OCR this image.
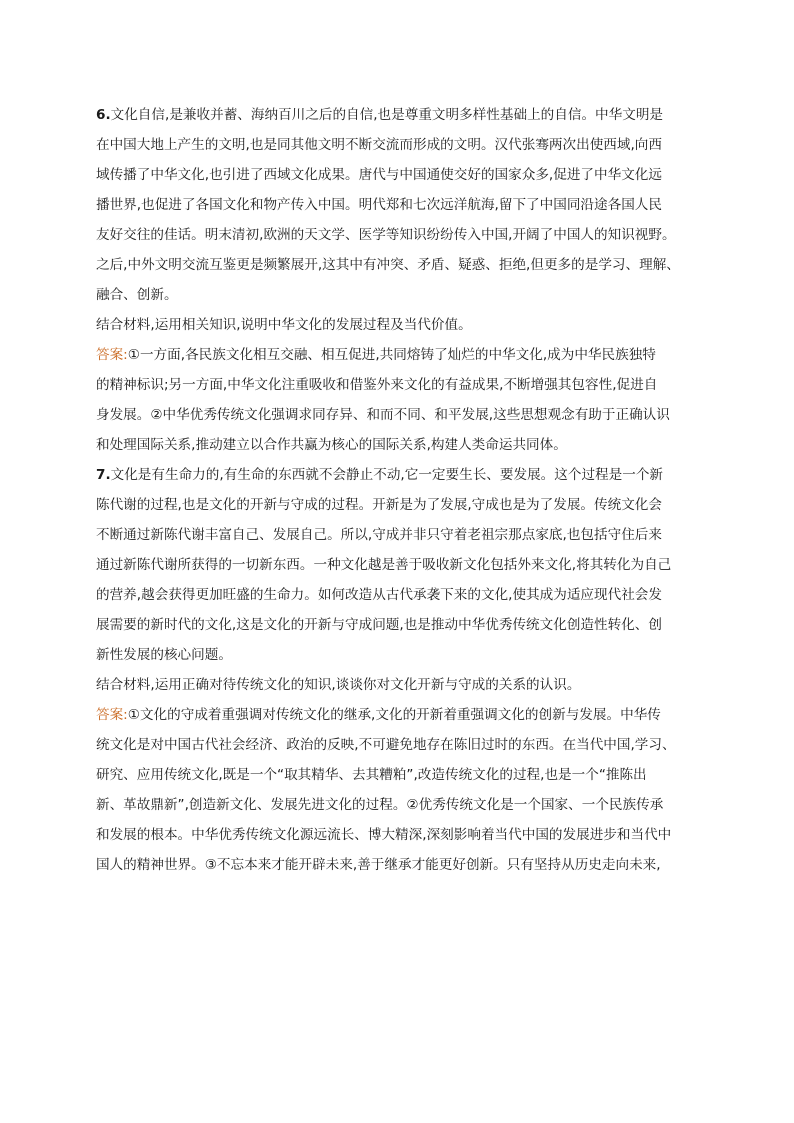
6.文化自信,是兼收并蓄、海纳百川之后的自信,也是尊重文明多样性基础上的自信。中华文明是
在中国大地上产生的文明,也是同其他文明不断交流而形成的文明。汉代张骞两次出使西域,向西
域传播了中华文化,也引进了西域文化成果。唐代与中国通使交好的国家众多,促进了中华文化远
播世界,也促进了各国文化和物产传入中国。明代郑和七次远洋航海,留下了中国同沿途各国人民
友好交往的佳话。明末清初,欧洲的天文学、医学等知识纷纷传入中国,开阔了中国人的知识视野。
之后,中外文明交流互鉴更是频繁展开,这其中有冲突、矛盾、疑惑、拒绝,但更多的是学习、理解、
融合、创新。
结合材料,运用相关知识,说明中华文化的发展过程及当代价值。
答案:①一方面,各民族文化相互交融、相互促进,共同熔铸了灿烂的中华文化,成为中华民族独特
的精神标识;另一方面,中华文化注重吸收和借鉴外来文化的有益成果,不断增强其包容性,促进自
身发展。②中华优秀传统文化强调求同存异、和而不同、和平发展,这些思想观念有助于正确认识
和处理国际关系,推动建立以合作共赢为核心的国际关系,构建人类命运共同体。
7.文化是有生命力的,有生命的东西就不会静止不动,它一定要生长、要发展。这个过程是一个新
陈代谢的过程,也是文化的开新与守成的过程。开新是为了发展,守成也是为了发展。传统文化会
不断通过新陈代谢丰富自己、发展自己。所以,守成并非只守着老祖宗那点家底,也包括守住后来
通过新陈代谢所获得的一切新东西。一种文化越是善于吸收新文化包括外来文化,将其转化为自己
的营养,越会获得更加旺盛的生命力。如何改造从古代承袭下来的文化,使其成为适应现代社会发
展需要的新时代的文化,这是文化的开新与守成问题,也是推动中华优秀传统文化创造性转化、创
新性发展的核心问题。
结合材料,运用正确对待传统文化的知识,谈谈你对文化开新与守成的关系的认识。
答案:①文化的守成着重强调对传统文化的继承,文化的开新着重强调文化的创新与发展。中华传
统文化是对中国古代社会经济、政治的反映,不可避免地存在陈旧过时的东西。在当代中国,学习、
研究、应用传统文化,既是一个“取其精华、去其糟粕”,改造传统文化的过程,也是一个“推陈出
新、革故鼎新”,创造新文化、发展先进文化的过程。②优秀传统文化是一个国家、一个民族传承
和发展的根本。中华优秀传统文化源远流长、博大精深,深刻影响着当代中国的发展进步和当代中
国人的精神世界。③不忘本来才能开辟未来,善于继承才能更好创新。只有坚持从历史走向未来,
